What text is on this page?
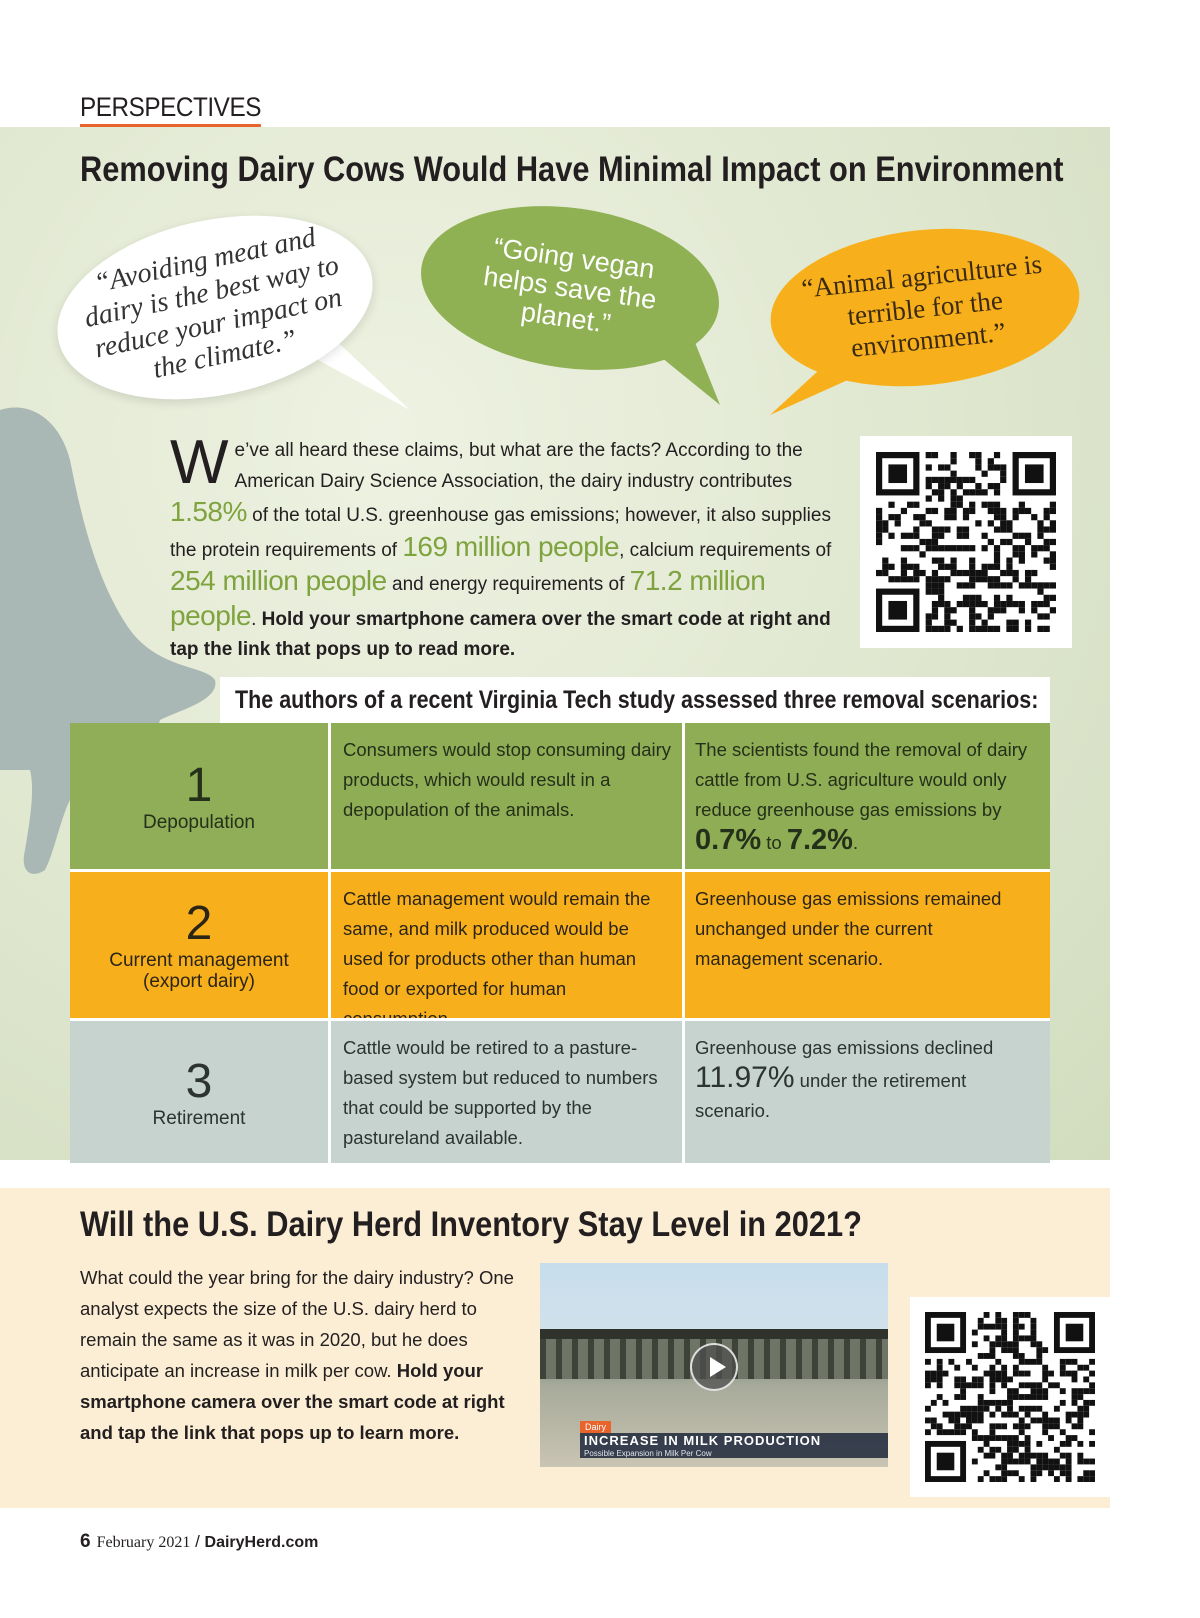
PERSPECTIVES
Removing Dairy Cows Would Have Minimal Impact on Environment
“Avoiding meat and dairy is the best way to reduce your impact on the climate.”
“Going vegan helps save the planet.”
“Animal agriculture is terrible for the environment.”
We’ve all heard these claims, but what are the facts? According to the American Dairy Science Association, the dairy industry contributes 1.58% of the total U.S. greenhouse gas emissions; however, it also supplies the protein requirements of 169 million people, calcium requirements of 254 million people and energy requirements of 71.2 million people. Hold your smartphone camera over the smart code at right and tap the link that pops up to read more.
The authors of a recent Virginia Tech study assessed three removal scenarios:
1
Depopulation
Consumers would stop consuming dairy products, which would result in a depopulation of the animals.
The scientists found the removal of dairy cattle from U.S. agriculture would only reduce greenhouse gas emissions by 0.7% to 7.2%.
2
Current management
(export dairy)
Cattle management would remain the same, and milk produced would be used for products other than human food or exported for human
Greenhouse gas emissions remained unchanged under the current management scenario.
3
Retirement
Cattle would be retired to a pasture-based system but reduced to numbers that could be supported by the pastureland available.
Greenhouse gas emissions declined 11.97% under the retirement scenario.
Will the U.S. Dairy Herd Inventory Stay Level in 2021?
What could the year bring for the dairy industry? One analyst expects the size of the U.S. dairy herd to remain the same as it was in 2020, but he does anticipate an increase in milk per cow. Hold your smartphone camera over the smart code at right and tap the link that pops up to learn more.	Dairy
INCREASE IN MILK PRODUCTION
Possible Expansion in Milk Per Cow
6 February 2021 / DairyHerd.com
